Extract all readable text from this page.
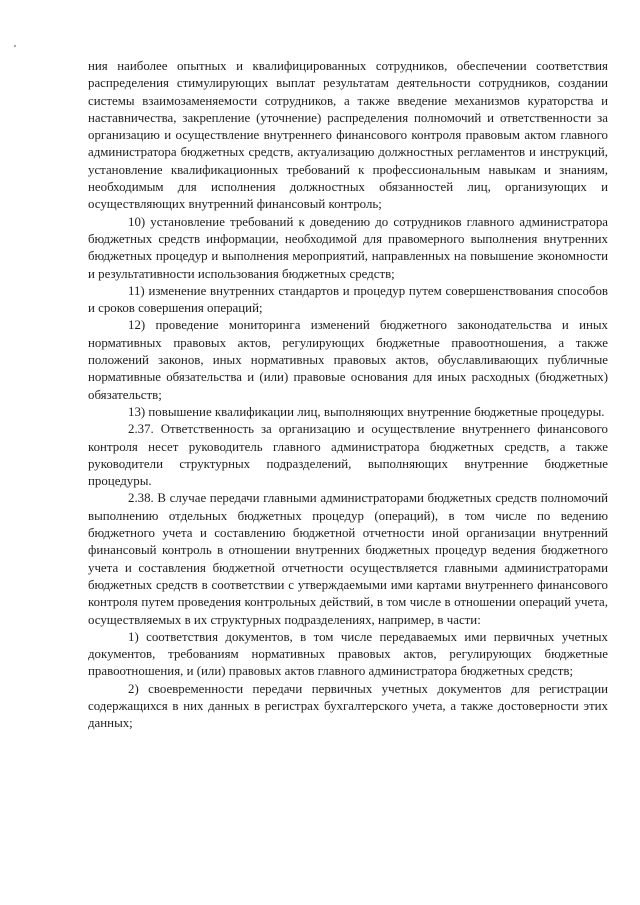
ния наиболее опытных и квалифицированных сотрудников, обеспечении соответствия распределения стимулирующих выплат результатам деятельности сотрудников, создании системы взаимозаменяемости сотрудников, а также введение механизмов кураторства и наставничества, закрепление (уточнение) распределения полномочий и ответственности за организацию и осуществление внутреннего финансового контроля правовым актом главного администратора бюджетных средств, актуализацию должностных регламентов и инструкций, установление квалификационных требований к профессиональным навыкам и знаниям, необходимым для исполнения должностных обязанностей лиц, организующих и осуществляющих внутренний финансовый контроль;

10) установление требований к доведению до сотрудников главного администратора бюджетных средств информации, необходимой для правомерного выполнения внутренних бюджетных процедур и выполнения мероприятий, направленных на повышение экономности и результативности использования бюджетных средств;

11) изменение внутренних стандартов и процедур путем совершенствования способов и сроков совершения операций;

12) проведение мониторинга изменений бюджетного законодательства и иных нормативных правовых актов, регулирующих бюджетные правоотношения, а также положений законов, иных нормативных правовых актов, обуславливающих публичные нормативные обязательства и (или) правовые основания для иных расходных (бюджетных) обязательств;

13) повышение квалификации лиц, выполняющих внутренние бюджетные процедуры.

2.37. Ответственность за организацию и осуществление внутреннего финансового контроля несет руководитель главного администратора бюджетных средств, а также руководители структурных подразделений, выполняющих внутренние бюджетные процедуры.

2.38. В случае передачи главными администраторами бюджетных средств полномочий выполнению отдельных бюджетных процедур (операций), в том числе по ведению бюджетного учета и составлению бюджетной отчетности иной организации внутренний финансовый контроль в отношении внутренних бюджетных процедур ведения бюджетного учета и составления бюджетной отчетности осуществляется главными администраторами бюджетных средств в соответствии с утверждаемыми ими картами внутреннего финансового контроля путем проведения контрольных действий, в том числе в отношении операций учета, осуществляемых в их структурных подразделениях, например, в части:

1) соответствия документов, в том числе передаваемых ими первичных учетных документов, требованиям нормативных правовых актов, регулирующих бюджетные правоотношения, и (или) правовых актов главного администратора бюджетных средств;

2) своевременности передачи первичных учетных документов для регистрации содержащихся в них данных в регистрах бухгалтерского учета, а также достоверности этих данных;
